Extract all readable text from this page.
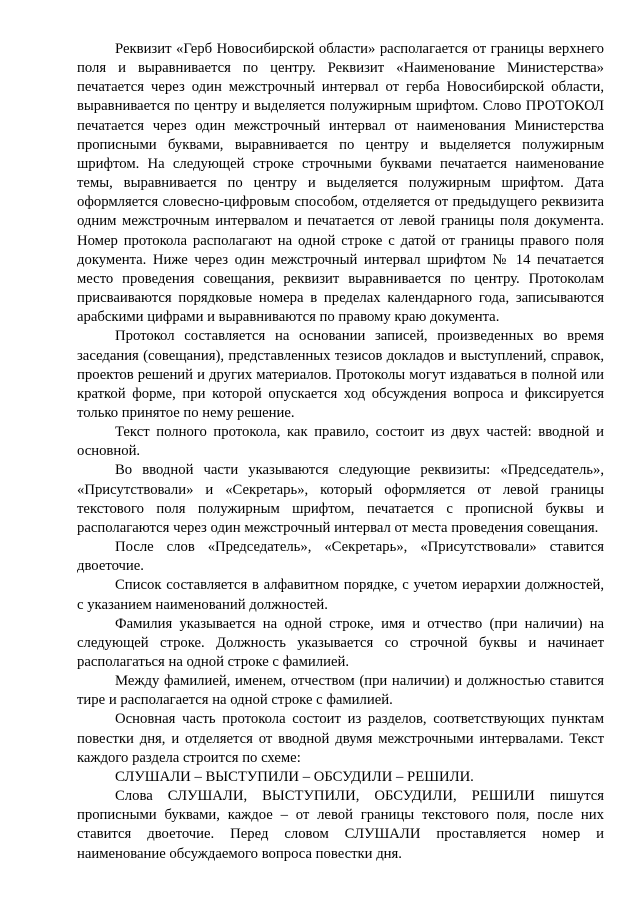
Реквизит «Герб Новосибирской области» располагается от границы верхнего поля и выравнивается по центру. Реквизит «Наименование Министерства» печатается через один межстрочный интервал от герба Новосибирской области, выравнивается по центру и выделяется полужирным шрифтом. Слово ПРОТОКОЛ печатается через один межстрочный интервал от наименования Министерства прописными буквами, выравнивается по центру и выделяется полужирным шрифтом. На следующей строке строчными буквами печатается наименование темы, выравнивается по центру и выделяется полужирным шрифтом. Дата оформляется словесно-цифровым способом, отделяется от предыдущего реквизита одним межстрочным интервалом и печатается от левой границы поля документа. Номер протокола располагают на одной строке с датой от границы правого поля документа. Ниже через один межстрочный интервал шрифтом № 14 печатается место проведения совещания, реквизит выравнивается по центру. Протоколам присваиваются порядковые номера в пределах календарного года, записываются арабскими цифрами и выравниваются по правому краю документа.

Протокол составляется на основании записей, произведенных во время заседания (совещания), представленных тезисов докладов и выступлений, справок, проектов решений и других материалов. Протоколы могут издаваться в полной или краткой форме, при которой опускается ход обсуждения вопроса и фиксируется только принятое по нему решение.

Текст полного протокола, как правило, состоит из двух частей: вводной и основной.

Во вводной части указываются следующие реквизиты: «Председатель», «Присутствовали» и «Секретарь», который оформляется от левой границы текстового поля полужирным шрифтом, печатается с прописной буквы и располагаются через один межстрочный интервал от места проведения совещания.

После слов «Председатель», «Секретарь», «Присутствовали» ставится двоеточие.

Список составляется в алфавитном порядке, с учетом иерархии должностей, с указанием наименований должностей.

Фамилия указывается на одной строке, имя и отчество (при наличии) на следующей строке. Должность указывается со строчной буквы и начинает располагаться на одной строке с фамилией.

Между фамилией, именем, отчеством (при наличии) и должностью ставится тире и располагается на одной строке с фамилией.

Основная часть протокола состоит из разделов, соответствующих пунктам повестки дня, и отделяется от вводной двумя межстрочными интервалами. Текст каждого раздела строится по схеме:

СЛУШАЛИ – ВЫСТУПИЛИ – ОБСУДИЛИ – РЕШИЛИ.

Слова СЛУШАЛИ, ВЫСТУПИЛИ, ОБСУДИЛИ, РЕШИЛИ пишутся прописными буквами, каждое – от левой границы текстового поля, после них ставится двоеточие. Перед словом СЛУШАЛИ проставляется номер и наименование обсуждаемого вопроса повестки дня.
